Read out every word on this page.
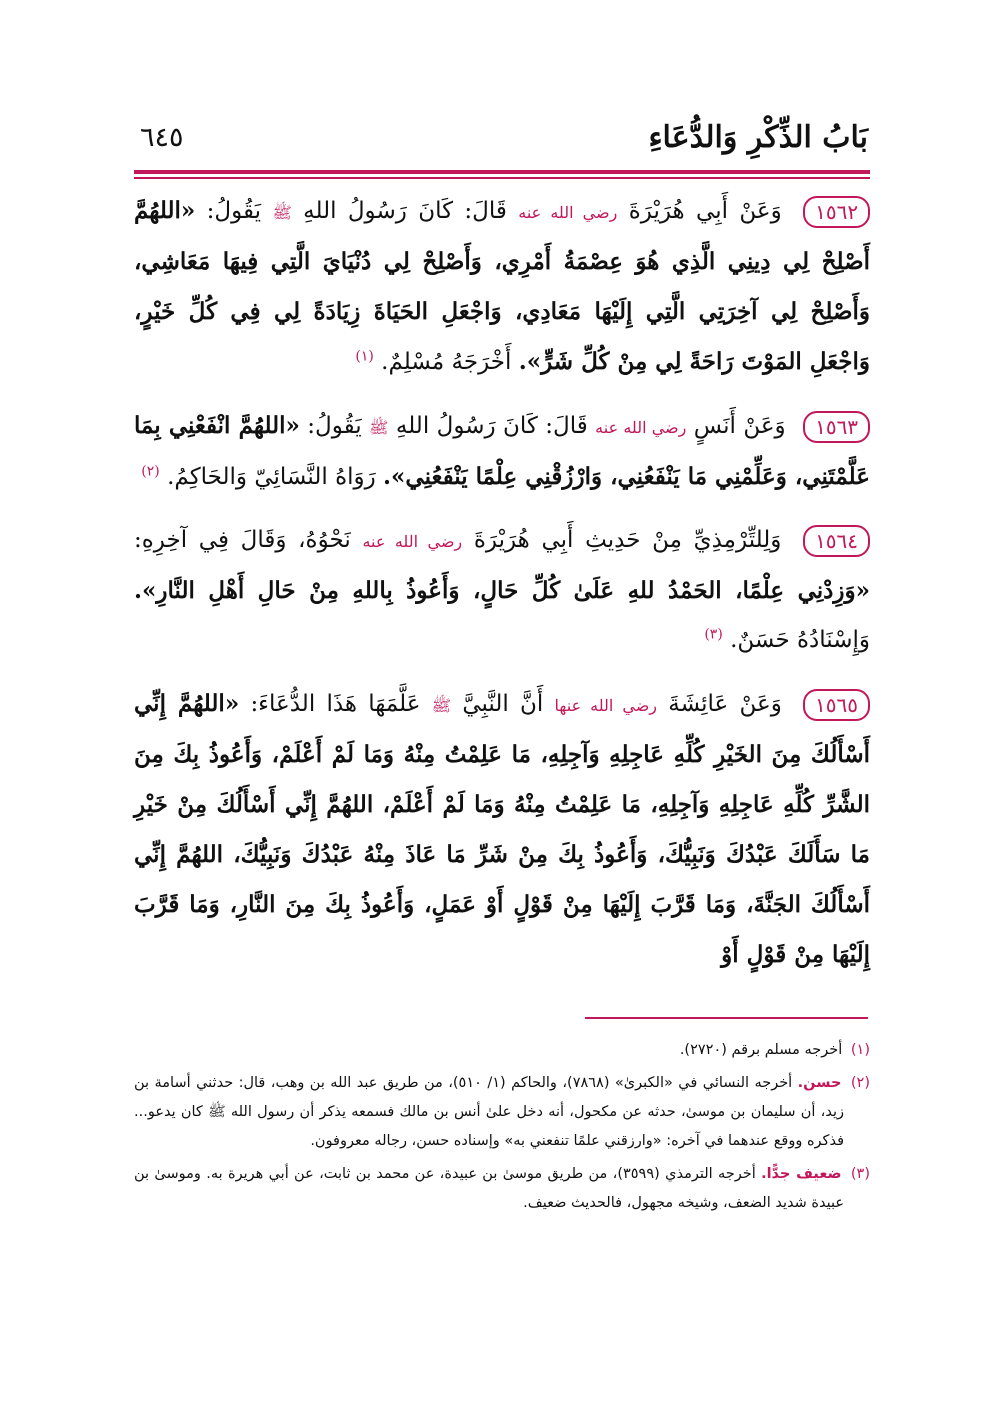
بَابُ الذِّكْرِ وَالدُّعَاءِ
٦٤٥

١٥٦٢ وَعَنْ أَبِي هُرَيْرَةَ رضي الله عنه قَالَ: كَانَ رَسُولُ اللهِ ﷺ يَقُولُ: «اللهُمَّ أَصْلِحْ لِي دِينِي الَّذِي هُوَ عِصْمَةُ أَمْرِي، وَأَصْلِحْ لِي دُنْيَايَ الَّتِي فِيهَا مَعَاشِي، وَأَصْلِحْ لِي آخِرَتِي الَّتِي إِلَيْهَا مَعَادِي، وَاجْعَلِ الحَيَاةَ زِيَادَةً لِي فِي كُلِّ خَيْرٍ، وَاجْعَلِ المَوْتَ رَاحَةً لِي مِنْ كُلِّ شَرٍّ». أَخْرَجَهُ مُسْلِمٌ. $^{(١)}$

١٥٦٣ وَعَنْ أَنَسٍ رضي الله عنه قَالَ: كَانَ رَسُولُ اللهِ ﷺ يَقُولُ: «اللهُمَّ انْفَعْنِي بِمَا عَلَّمْتَنِي، وَعَلِّمْنِي مَا يَنْفَعُنِي، وَارْزُقْنِي عِلْمًا يَنْفَعُنِي». رَوَاهُ النَّسَائِيّ وَالحَاكِمُ. $^{(٢)}$

١٥٦٤ وَلِلتِّرْمِذِيِّ مِنْ حَدِيثِ أَبِي هُرَيْرَةَ رضي الله عنه نَحْوُهُ، وَقَالَ فِي آخِرِهِ: «وَزِدْنِي عِلْمًا، الحَمْدُ للهِ عَلَىٰ كُلِّ حَالٍ، وَأَعُوذُ بِاللهِ مِنْ حَالِ أَهْلِ النَّارِ». وَإِسْنَادُهُ حَسَنٌ. $^{(٣)}$

١٥٦٥ وَعَنْ عَائِشَةَ رضي الله عنها أَنَّ النَّبِيَّ ﷺ عَلَّمَهَا هَذَا الدُّعَاءَ: «اللهُمَّ إِنِّي أَسْأَلُكَ مِنَ الخَيْرِ كُلِّهِ عَاجِلِهِ وَآجِلِهِ، مَا عَلِمْتُ مِنْهُ وَمَا لَمْ أَعْلَمْ، وَأَعُوذُ بِكَ مِنَ الشَّرِّ كُلِّهِ عَاجِلِهِ وَآجِلِهِ، مَا عَلِمْتُ مِنْهُ وَمَا لَمْ أَعْلَمْ، اللهُمَّ إِنِّي أَسْأَلُكَ مِنْ خَيْرِ مَا سَأَلَكَ عَبْدُكَ وَنَبِيُّكَ، وَأَعُوذُ بِكَ مِنْ شَرِّ مَا عَاذَ مِنْهُ عَبْدُكَ وَنَبِيُّكَ، اللهُمَّ إِنِّي أَسْأَلُكَ الجَنَّةَ، وَمَا قَرَّبَ إِلَيْهَا مِنْ قَوْلٍ أَوْ عَمَلٍ، وَأَعُوذُ بِكَ مِنَ النَّارِ، وَمَا قَرَّبَ إِلَيْهَا مِنْ قَوْلٍ أَوْ

(١) أخرجه مسلم برقم (٢٧٢٠).

(٢) حسن. أخرجه النسائي في «الكبرىٰ» (٧٨٦٨)، والحاكم (١/ ٥١٠)، من طريق عبد الله بن وهب، قال: حدثني أسامة بن زيد، أن سليمان بن موسىٰ، حدثه عن مكحول، أنه دخل علىٰ أنس بن مالك فسمعه يذكر أن رسول الله ﷺ كان يدعو... فذكره ووقع عندهما في آخره: «وارزقني علمًا تنفعني به» وإسناده حسن، رجاله معروفون.

(٣) ضعيف جدًّا. أخرجه الترمذي (٣٥٩٩)، من طريق موسىٰ بن عبيدة، عن محمد بن ثابت، عن أبي هريرة به. وموسىٰ بن عبيدة شديد الضعف، وشيخه مجهول، فالحديث ضعيف.
